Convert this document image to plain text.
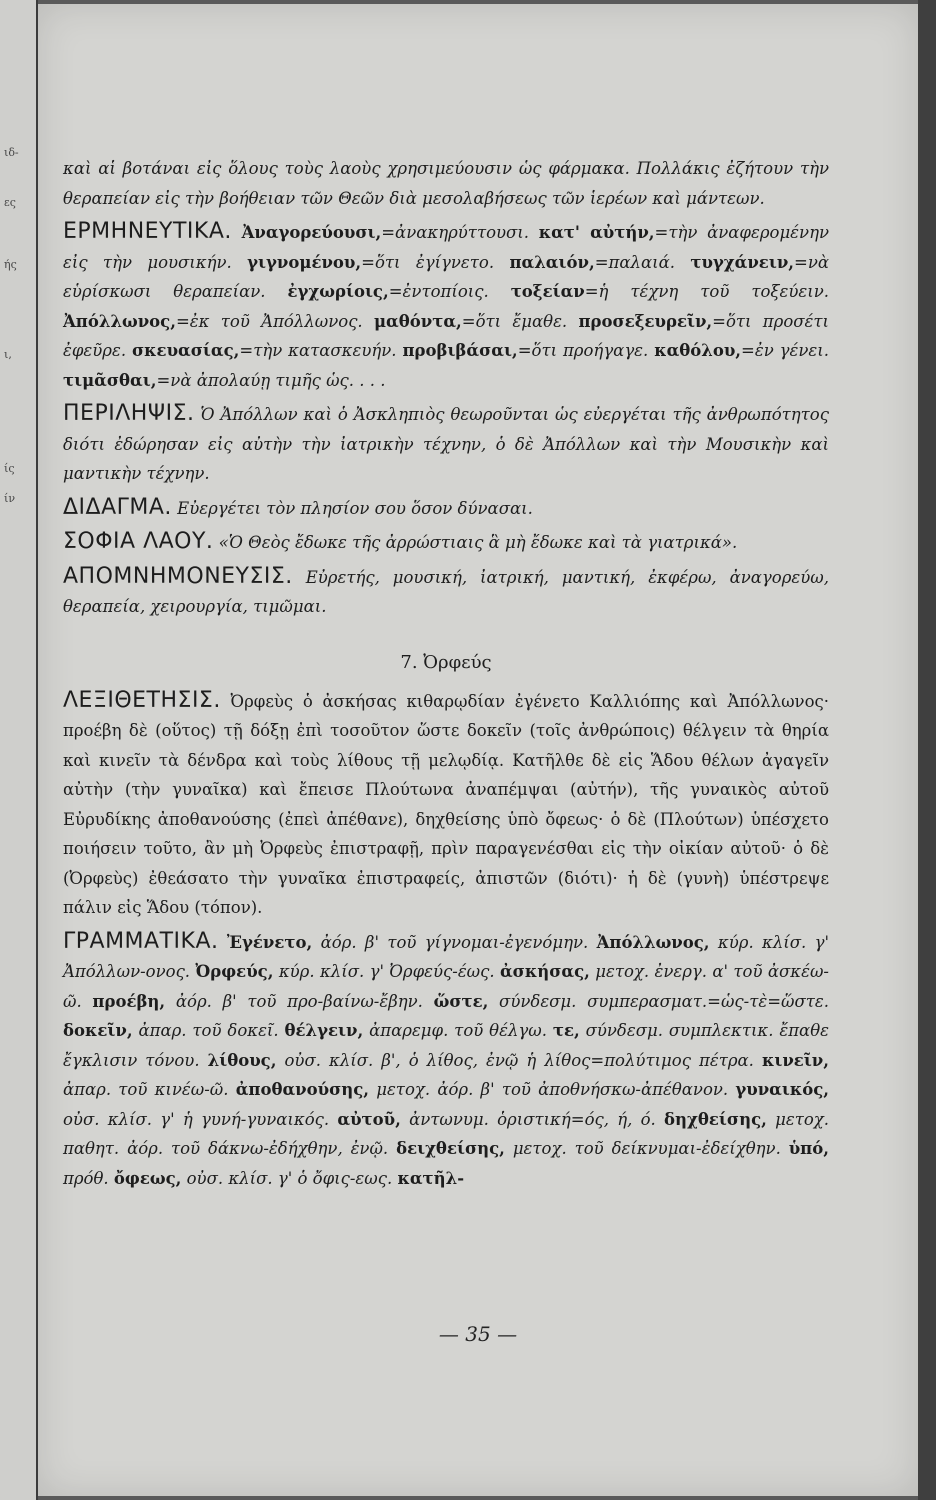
ιδ-
ες
ής
ι,
ίς
ίν

καὶ αἱ βοτάναι εἰς ὅλους τοὺς λαοὺς χρησιμεύουσιν ὡς φάρμακα. Πολλάκις ἐζήτουν τὴν θεραπείαν εἰς τὴν βοήθειαν τῶν Θεῶν διὰ μεσολαβήσεως τῶν ἱερέων καὶ μάντεων.

ΕΡΜΗΝΕΥΤΙΚΑ. Ἀναγορεύουσι,=ἀνακηρύττουσι. κατ' αὐτήν,=τὴν ἀναφερομένην εἰς τὴν μουσικήν. γιγνομένου,=ὅτι ἐγίγνετο. παλαιόν,=παλαιά. τυγχάνειν,=νὰ εὑρίσκωσι θεραπείαν. ἐγχωρίοις,=ἐντοπίοις. τοξείαν=ἡ τέχνη τοῦ τοξεύειν. Ἀπόλλωνος,=ἐκ τοῦ Ἀπόλλωνος. μαθόντα,=ὅτι ἔμαθε. προσεξευρεῖν,=ὅτι προσέτι ἐφεῦρε. σκευασίας,=τὴν κατασκευήν. προβιβάσαι,=ὅτι προήγαγε. καθόλου,=ἐν γένει. τιμᾶσθαι,=νὰ ἀπολαύῃ τιμῆς ὡς. . . .

ΠΕΡΙΛΗΨΙΣ. Ὁ Ἀπόλλων καὶ ὁ Ἀσκληπιὸς θεωροῦνται ὡς εὐεργέται τῆς ἀνθρωπότητος διότι ἐδώρησαν εἰς αὐτὴν τὴν ἰατρικὴν τέχνην, ὁ δὲ Ἀπόλλων καὶ τὴν Μουσικὴν καὶ μαντικὴν τέχνην.

ΔΙΔΑΓΜΑ. Εὐεργέτει τὸν πλησίον σου ὅσον δύνασαι.

ΣΟΦΙΑ ΛΑΟΥ. «Ὁ Θεὸς ἔδωκε τῆς ἀρρώστιαις ἃ μὴ ἔδωκε καὶ τὰ γιατρικά».

ΑΠΟΜΝΗΜΟΝΕΥΣΙΣ. Εὐρετής, μουσική, ἰατρική, μαντική, ἐκφέρω, ἀναγορεύω, θεραπεία, χειρουργία, τιμῶμαι.

7. Ὀρφεύς

ΛΕΞΙΘΕΤΗΣΙΣ. Ὀρφεὺς ὁ ἀσκήσας κιθαρῳδίαν ἐγένετο Καλλιόπης καὶ Ἀπόλλωνος· προέβη δὲ (οὕτος) τῇ δόξῃ ἐπὶ τοσοῦτον ὥστε δοκεῖν (τοῖς ἀνθρώποις) θέλγειν τὰ θηρία καὶ κινεῖν τὰ δένδρα καὶ τοὺς λίθους τῇ μελῳδίᾳ. Κατῆλθε δὲ εἰς Ἅδου θέλων ἀγαγεῖν αὐτὴν (τὴν γυναῖκα) καὶ ἔπεισε Πλούτωνα ἀναπέμψαι (αὐτήν), τῆς γυναικὸς αὐτοῦ Εὐρυδίκης ἀποθανούσης (ἐπεὶ ἀπέθανε), δηχθείσης ὑπὸ ὄφεως· ὁ δὲ (Πλούτων) ὑπέσχετο ποιήσειν τοῦτο, ἂν μὴ Ὀρφεὺς ἐπιστραφῇ, πρὶν παραγενέσθαι εἰς τὴν οἰκίαν αὐτοῦ· ὁ δὲ (Ὀρφεὺς) ἐθεάσατο τὴν γυναῖκα ἐπιστραφείς, ἀπιστῶν (διότι)· ἡ δὲ (γυνὴ) ὑπέστρεψε πάλιν εἰς Ἅδου (τόπον).

ΓΡΑΜΜΑΤΙΚΑ. Ἐγένετο, ἀόρ. β' τοῦ γίγνομαι-ἐγενόμην. Ἀπόλλωνος, κύρ. κλίσ. γ' Ἀπόλλων-ονος. Ὀρφεύς, κύρ. κλίσ. γ' Ὀρφεύς-έως. ἀσκήσας, μετοχ. ἐνεργ. α' τοῦ ἀσκέω-ῶ. προέβη, ἀόρ. β' τοῦ προ-βαίνω-ἔβην. ὥστε, σύνδεσμ. συμπερασματ.=ὡς-τὲ=ὥστε. δοκεῖν, ἀπαρ. τοῦ δοκεῖ. θέλγειν, ἀπαρεμφ. τοῦ θέλγω. τε, σύνδεσμ. συμπλεκτικ. ἔπαθε ἔγκλισιν τόνου. λίθους, οὐσ. κλίσ. β', ὁ λίθος, ἐνῷ ἡ λίθος=πολύτιμος πέτρα. κινεῖν, ἀπαρ. τοῦ κινέω-ῶ. ἀποθανούσης, μετοχ. ἀόρ. β' τοῦ ἀποθνήσκω-ἀπέθανον. γυναικός, οὐσ. κλίσ. γ' ἡ γυνή-γυναικός. αὐτοῦ, ἀντωνυμ. ὁριστική=ός, ή, ό. δηχθείσης, μετοχ. παθητ. ἀόρ. τοῦ δάκνω-ἐδήχθην, ἐνῷ. δειχθείσης, μετοχ. τοῦ δείκνυμαι-ἐδείχθην. ὑπό, πρόθ. ὄφεως, οὐσ. κλίσ. γ' ὁ ὄφις-εως. κατῆλ-

— 35 —
